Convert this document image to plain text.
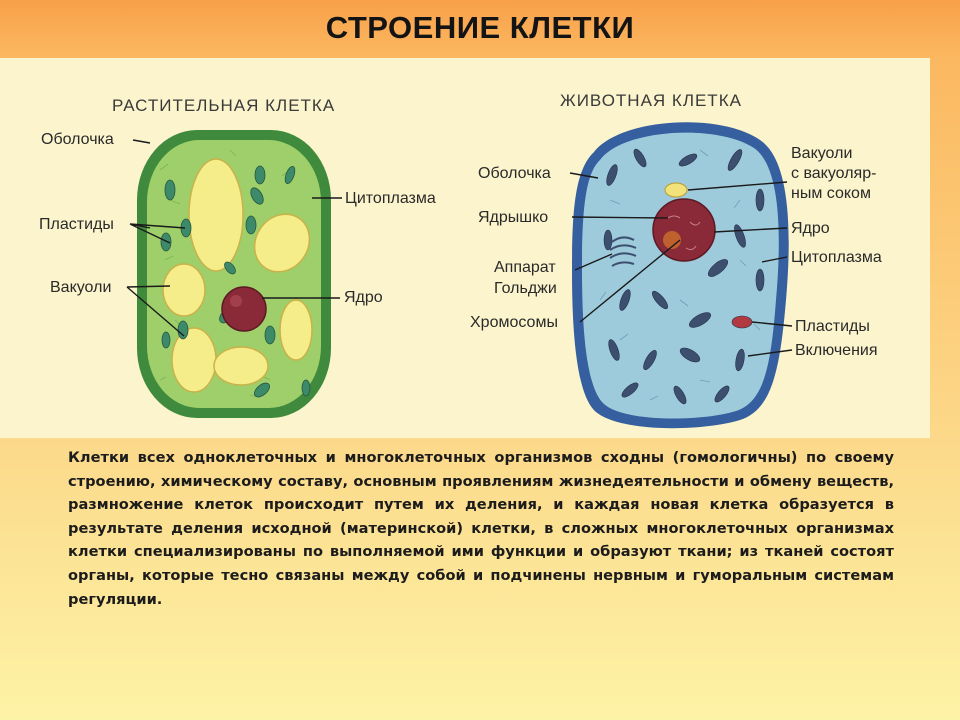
СТРОЕНИЕ КЛЕТКИ
РАСТИТЕЛЬНАЯ КЛЕТКА	ЖИВОТНАЯ КЛЕТКА
Оболочка
Пластиды
Вакуоли
Цитоплазма
Ядро
Оболочка
Ядрышко
Аппарат
Гольджи
Хромосомы
Вакуоли
с вакуоляр-
ным соком
Ядро
Цитоплазма
Пластиды
Включения
Клетки всех одноклеточных и многоклеточных организмов сходны (гомологичны) по своему строению, химическому составу, основным проявлениям жизнедеятельности и обмену веществ, размножение клеток происходит путем их деления, и каждая новая клетка образуется в результате деления исходной (материнской) клетки, в сложных многоклеточных организмах клетки специализированы по выполняемой ими функции и образуют ткани; из тканей состоят органы, которые тесно связаны между собой и подчинены нервным и гуморальным системам регуляции.
